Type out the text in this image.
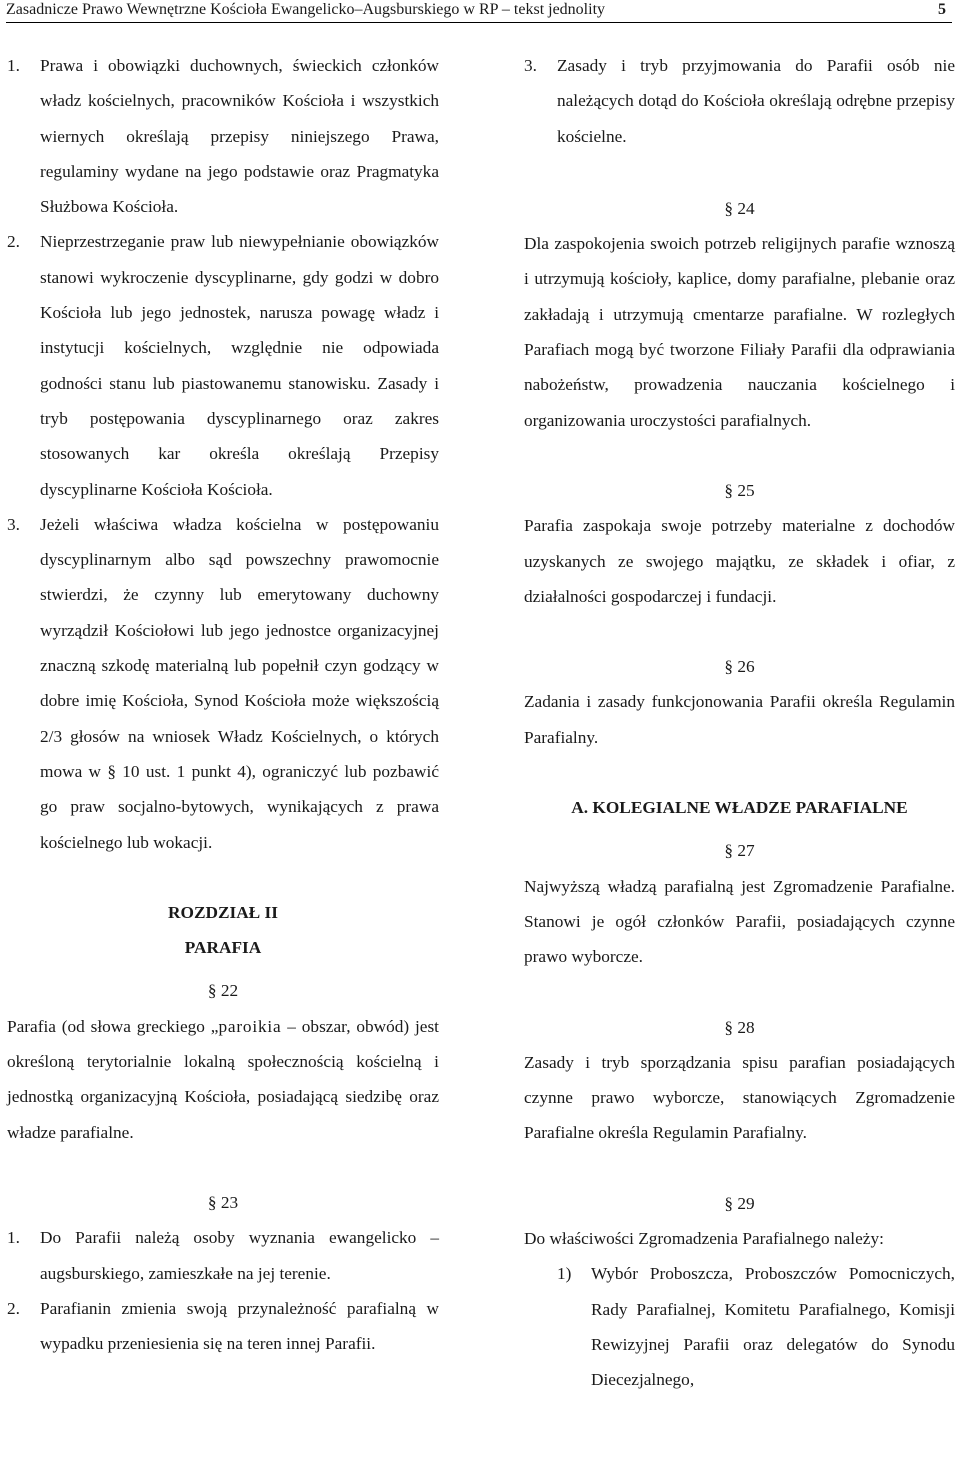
Zasadnicze Prawo Wewnętrzne Kościoła Ewangelicko–Augsburskiego w RP – tekst jednolity	5
1. Prawa i obowiązki duchownych, świeckich członków władz kościelnych, pracowników Kościoła i wszystkich wiernych określają przepisy niniejszego Prawa, regulaminy wydane na jego podstawie oraz Pragmatyka Służbowa Kościoła.

2. Nieprzestrzeganie praw lub niewypełnianie obowiązków stanowi wykroczenie dyscyplinarne, gdy godzi w dobro Kościoła lub jego jednostek, narusza powagę władz i instytucji kościelnych, względnie nie odpowiada godności stanu lub piastowanemu stanowisku. Zasady i tryb postępowania dyscyplinarnego oraz zakres stosowanych kar określa określają Przepisy dyscyplinarne Kościoła Kościoła.

3. Jeżeli właściwa władza kościelna w postępowaniu dyscyplinarnym albo sąd powszechny prawomocnie stwierdzi, że czynny lub emerytowany duchowny wyrządził Kościołowi lub jego jednostce organizacyjnej znaczną szkodę materialną lub popełnił czyn godzący w dobre imię Kościoła, Synod Kościoła może większością 2/3 głosów na wniosek Władz Kościelnych, o których mowa w § 10 ust. 1 punkt 4), ograniczyć lub pozbawić go praw socjalno-bytowych, wynikających z prawa kościelnego lub wokacji.

ROZDZIAŁ II

PARAFIA

§ 22

Parafia (od słowa greckiego „paroikia – obszar, obwód) jest określoną terytorialnie lokalną społecznością kościelną i jednostką organizacyjną Kościoła, posiadającą siedzibę oraz władze parafialne.

§ 23

1. Do Parafii należą osoby wyznania ewangelicko – augsburskiego, zamieszkałe na jej terenie.

2. Parafianin zmienia swoją przynależność parafialną w wypadku przeniesienia się na teren innej Parafii.

3. Zasady i tryb przyjmowania do Parafii osób nie należących dotąd do Kościoła określają odrębne przepisy kościelne.

§ 24

Dla zaspokojenia swoich potrzeb religijnych parafie wznoszą i utrzymują kościoły, kaplice, domy parafialne, plebanie oraz zakładają i utrzymują cmentarze parafialne. W rozległych Parafiach mogą być tworzone Filiały Parafii dla odprawiania nabożeństw, prowadzenia nauczania kościelnego i organizowania uroczystości parafialnych.

§ 25

Parafia zaspokaja swoje potrzeby materialne z dochodów uzyskanych ze swojego majątku, ze składek i ofiar, z działalności gospodarczej i fundacji.

§ 26

Zadania i zasady funkcjonowania Parafii określa Regulamin Parafialny.

A. KOLEGIALNE WŁADZE PARAFIALNE

§ 27

Najwyższą władzą parafialną jest Zgromadzenie Parafialne. Stanowi je ogół członków Parafii, posiadających czynne prawo wyborcze.

§ 28

Zasady i tryb sporządzania spisu parafian posiadających czynne prawo wyborcze, stanowiących Zgromadzenie Parafialne określa Regulamin Parafialny.

§ 29

Do właściwości Zgromadzenia Parafialnego należy:

1) Wybór Proboszcza, Proboszczów Pomocniczych, Rady Parafialnej, Komitetu Parafialnego, Komisji Rewizyjnej Parafii oraz delegatów do Synodu Diecezjalnego,
